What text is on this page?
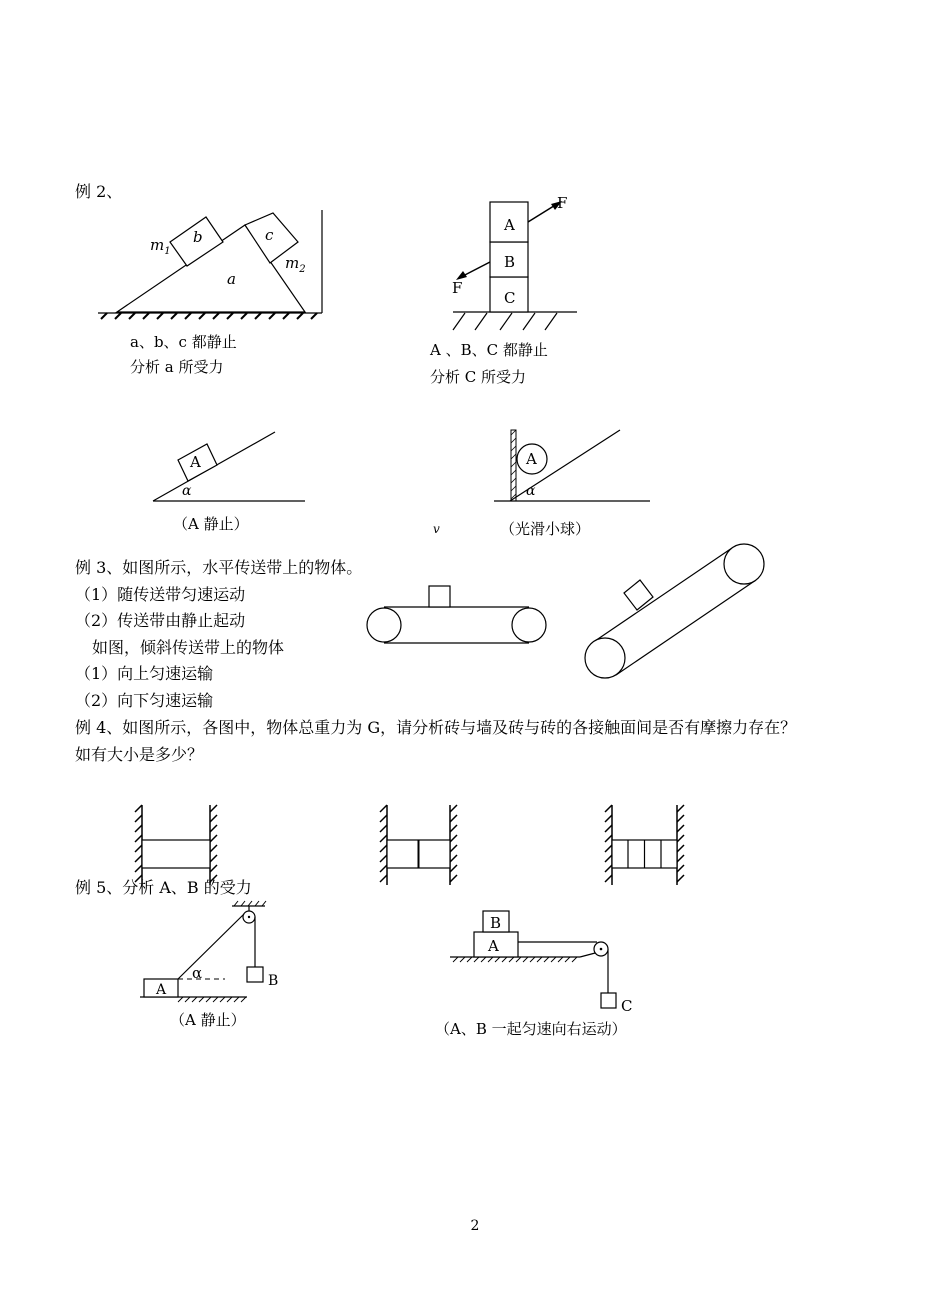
例 2、
$m_1$
b	c
$m_2$
a
a、b、c 都静止
分析 a 所受力
A
B
C
F
F
A 、B、C 都静止
分析 C 所受力
A
α
（A 静止）
A
α
v	（光滑小球）
例 3、如图所示，水平传送带上的物体。
（1）随传送带匀速运动
（2）传送带由静止起动
如图，倾斜传送带上的物体
（1）向上匀速运输
（2）向下匀速运输
例 4、如图所示，各图中，物体总重力为 G，请分析砖与墙及砖与砖的各接触面间是否有摩擦力存在？
如有大小是多少？
例 5、分析 A、B 的受力
B
A
α
（A 静止）
A
B
C
（A、B 一起匀速向右运动）
2
